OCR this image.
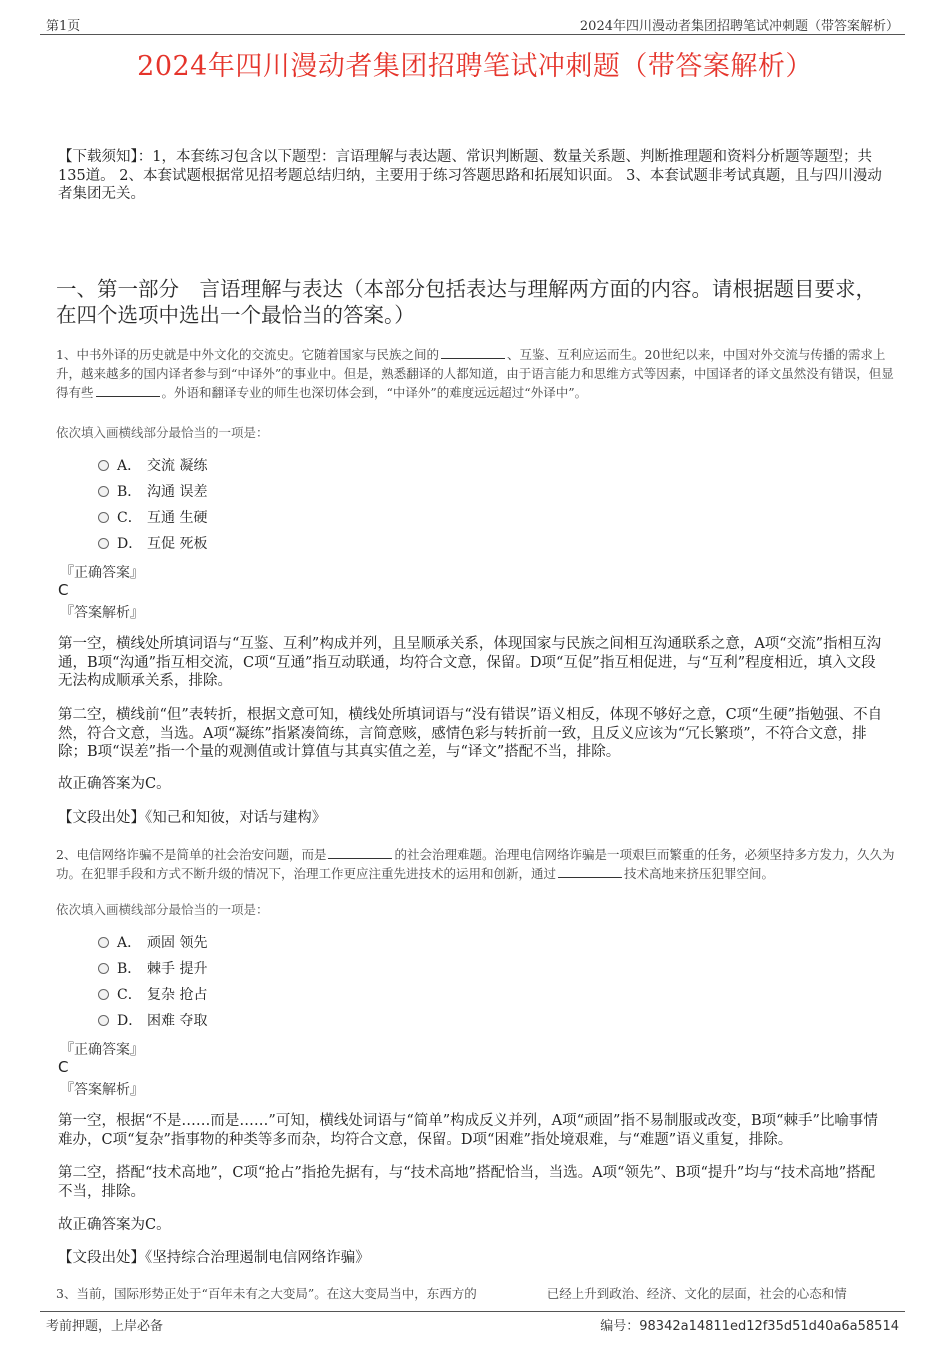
第1页	2024年四川漫动者集团招聘笔试冲刺题（带答案解析）
2024年四川漫动者集团招聘笔试冲刺题（带答案解析）
【下载须知】：1，本套练习包含以下题型：言语理解与表达题、常识判断题、数量关系题、判断推理题和资料分析题等题型；共135道。 2、本套试题根据常见招考题总结归纳，主要用于练习答题思路和拓展知识面。 3、本套试题非考试真题，且与四川漫动者集团无关。
一、第一部分　言语理解与表达（本部分包括表达与理解两方面的内容。请根据题目要求，在四个选项中选出一个最恰当的答案。）
1、中书外译的历史就是中外文化的交流史。它随着国家与民族之间的	、互鉴、互利应运而生。20世纪以来，中国对外交流与传播的需求上升，越来越多的国内译者参与到“中译外”的事业中。但是，熟悉翻译的人都知道，由于语言能力和思维方式等因素，中国译者的译文虽然没有错误，但显得有些	。外语和翻译专业的师生也深切体会到，“中译外”的难度远远超过“外译中”。
依次填入画横线部分最恰当的一项是：
A． 交流 凝练
B． 沟通 误差
C． 互通 生硬
D． 互促 死板
『正确答案』
C
『答案解析』
第一空，横线处所填词语与“互鉴、互利”构成并列，且呈顺承关系，体现国家与民族之间相互沟通联系之意，A项“交流”指相互沟通，B项“沟通”指互相交流，C项“互通”指互动联通，均符合文意，保留。D项“互促”指互相促进，与“互利”程度相近，填入文段无法构成顺承关系，排除。
第二空，横线前“但”表转折，根据文意可知，横线处所填词语与“没有错误”语义相反，体现不够好之意，C项“生硬”指勉强、不自然，符合文意，当选。A项“凝练”指紧凑简练，言简意赅，感情色彩与转折前一致，且反义应该为“冗长繁琐”，不符合文意，排除；B项“误差”指一个量的观测值或计算值与其真实值之差，与“译文”搭配不当，排除。
故正确答案为C。
【文段出处】《知己和知彼，对话与建构》
2、电信网络诈骗不是简单的社会治安问题，而是	的社会治理难题。治理电信网络诈骗是一项艰巨而繁重的任务，必须坚持多方发力，久久为功。在犯罪手段和方式不断升级的情况下，治理工作更应注重先进技术的运用和创新，通过	技术高地来挤压犯罪空间。
依次填入画横线部分最恰当的一项是：
A． 顽固 领先
B． 棘手 提升
C． 复杂 抢占
D． 困难 夺取
『正确答案』
C
『答案解析』
第一空，根据“不是……而是……”可知，横线处词语与“简单”构成反义并列，A项“顽固”指不易制服或改变，B项“棘手”比喻事情难办，C项“复杂”指事物的种类等多而杂，均符合文意，保留。D项“困难”指处境艰难，与“难题”语义重复，排除。
第二空，搭配“技术高地”，C项“抢占”指抢先据有，与“技术高地”搭配恰当，当选。A项“领先”、B项“提升”均与“技术高地”搭配不当，排除。
故正确答案为C。
【文段出处】《坚持综合治理遏制电信网络诈骗》
3、当前，国际形势正处于“百年未有之大变局”。在这大变局当中，东西方的	已经上升到政治、经济、文化的层面，社会的心态和情
考前押题，上岸必备	编号：98342a14811ed12f35d51d40a6a58514
